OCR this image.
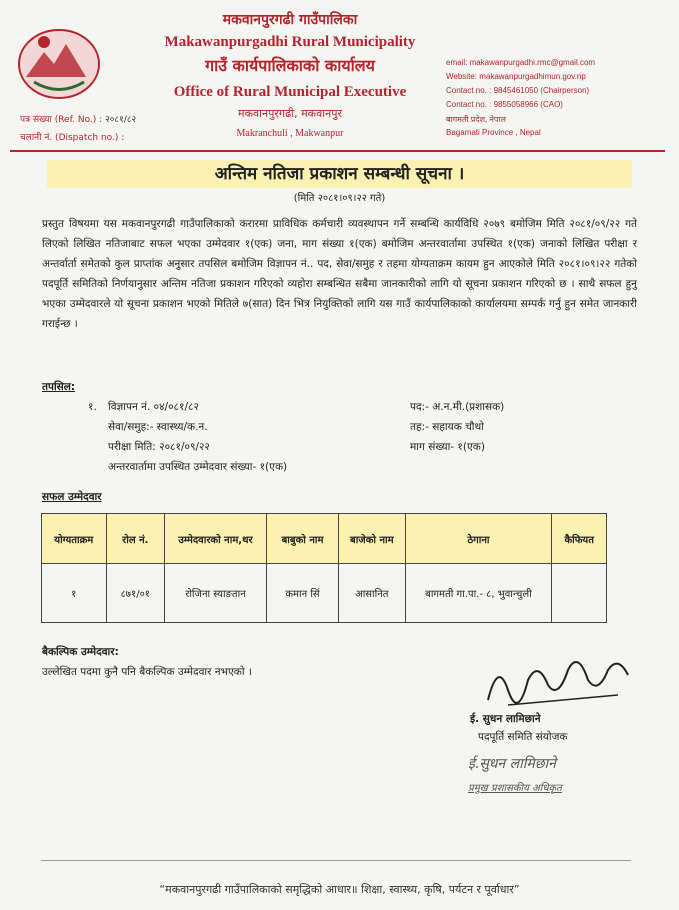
मकवानपुरगढी गाउँपालिका
Makawanpurgadhi Rural Municipality
गाउँ कार्यपालिकाको कार्यालय
Office of Rural Municipal Executive
मकवानपुरगढी, मकवानपुर
Makranchuli , Makwanpur
email: makawanpurgadhi.rmc@gmail.com
Website: makawanpurgadhimun.gov.np
Contact no. : 9845461050 (Chairperson)
Contact no. : 9855058966 (CAO)
बागमती प्रदेश, नेपाल
Bagamati Province , Nepal
पत्र संख्या (Ref. No.) : २०८१/८२
चलानी नं. (Dispatch no.) :
अन्तिम नतिजा प्रकाशन सम्बन्धी सूचना ।
(मिति २०८१।०९।२२ गते)
प्रस्तुत विषयमा यस मकवानपुरगढी गाउँपालिकाको करारमा प्राविधिक कर्मचारी व्यवस्थापन गर्ने सम्बन्धि कार्यविधि २०७९ बमोजिम मिति २०८१/०९/२२ गते लिएको लिखित नतिजाबाट सफल भएका उम्मेदवार १(एक) जना, माग संख्या १(एक) बमोजिम अन्तरवार्तामा उपस्थित १(एक) जनाको लिखित परीक्षा र अन्तर्वार्ता समेतको कुल प्राप्तांक अनुसार तपसिल बमोजिम विज्ञापन नं.. पद, सेवा/समुह र तहमा योग्यताक्रम कायम हुन आएकोले मिति २०८१।०९।२२ गतेको पदपूर्ति समितिको निर्णयानुसार अन्तिम नतिजा प्रकाशन गरिएको व्यहोरा सम्बन्धित सबैमा जानकारीको लागि यो सूचना प्रकाशन गरिएको छ । साथै सफल हुनु भएका उम्मेदवारले यो सूचना प्रकाशन भएको मितिले ७(सात) दिन भित्र नियुक्तिको लागि यस गाउँ कार्यपालिकाको कार्यालयमा सम्पर्क गर्नु हुन समेत जानकारी गराईन्छ ।
तपसिल:
१. विज्ञापन नं. ०४/०८१/८२	पद:- अ.न.मी.(प्रशासक)
सेवा/समुह:- स्वास्थ्य/क.न.	तह:- सहायक चौथो
परीक्षा मिति: २०८१/०९/२२	माग संख्या- १(एक)
अन्तरवार्तामा उपस्थित उम्मेदवार संख्या- १(एक)
सफल उम्मेदवार
योग्यताक्रम	रोल नं.	उम्मेदवारको नाम,थर	बाबुको नाम	बाजेको नाम	ठेगाना	कैफियत
१	८७१/०१	रोजिना स्याङतान	कमान सिं	आसानित	बागमती गा.पा.- ८, भुवान्चुली	
बैकल्पिक उम्मेदवार:
उल्लेखित पदमा कुनै पनि बैकल्पिक उम्मेदवार नभएको ।
ई. सुधन लामिछाने
पदपूर्ति समिति संयोजक
ई.सुधन लामिछाने
प्रमुख प्रशासकीय अधिकृत
“मकवानपुरगढी गाउँपालिकाको समृद्धिको आधार॥ शिक्षा, स्वास्थ्य, कृषि, पर्यटन र पूर्वाधार”
